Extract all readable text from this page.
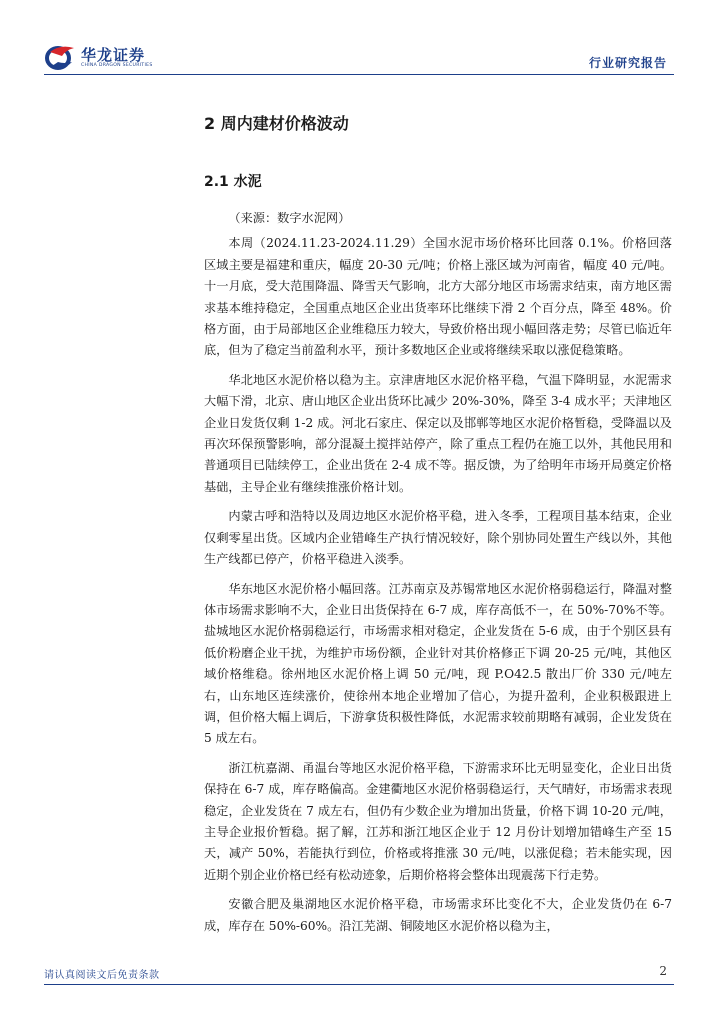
华龙证券
CHINA DRAGON SECURITIES	行业研究报告
2 周内建材价格波动
2.1 水泥

（来源：数字水泥网）

本周（2024.11.23-2024.11.29）全国水泥市场价格环比回落 0.1%。价格回落区域主要是福建和重庆，幅度 20-30 元/吨；价格上涨区域为河南省，幅度 40 元/吨。十一月底，受大范围降温、降雪天气影响，北方大部分地区市场需求结束，南方地区需求基本维持稳定，全国重点地区企业出货率环比继续下滑 2 个百分点，降至 48%。价格方面，由于局部地区企业维稳压力较大，导致价格出现小幅回落走势；尽管已临近年底，但为了稳定当前盈利水平，预计多数地区企业或将继续采取以涨促稳策略。

华北地区水泥价格以稳为主。京津唐地区水泥价格平稳，气温下降明显，水泥需求大幅下滑，北京、唐山地区企业出货环比减少 20%-30%，降至 3-4 成水平；天津地区企业日发货仅剩 1-2 成。河北石家庄、保定以及邯郸等地区水泥价格暂稳，受降温以及再次环保预警影响，部分混凝土搅拌站停产，除了重点工程仍在施工以外，其他民用和普通项目已陆续停工，企业出货在 2-4 成不等。据反馈，为了给明年市场开局奠定价格基础，主导企业有继续推涨价格计划。

内蒙古呼和浩特以及周边地区水泥价格平稳，进入冬季，工程项目基本结束，企业仅剩零星出货。区域内企业错峰生产执行情况较好，除个别协同处置生产线以外，其他生产线都已停产，价格平稳进入淡季。

华东地区水泥价格小幅回落。江苏南京及苏锡常地区水泥价格弱稳运行，降温对整体市场需求影响不大，企业日出货保持在 6-7 成，库存高低不一，在 50%-70%不等。盐城地区水泥价格弱稳运行，市场需求相对稳定，企业发货在 5-6 成，由于个别区县有低价粉磨企业干扰，为维护市场份额，企业针对其价格修正下调 20-25 元/吨，其他区域价格维稳。徐州地区水泥价格上调 50 元/吨，现 P.O42.5 散出厂价 330 元/吨左右，山东地区连续涨价，使徐州本地企业增加了信心，为提升盈利，企业积极跟进上调，但价格大幅上调后，下游拿货积极性降低，水泥需求较前期略有减弱，企业发货在 5 成左右。

浙江杭嘉湖、甬温台等地区水泥价格平稳，下游需求环比无明显变化，企业日出货保持在 6-7 成，库存略偏高。金建衢地区水泥价格弱稳运行，天气晴好，市场需求表现稳定，企业发货在 7 成左右，但仍有少数企业为增加出货量，价格下调 10-20 元/吨，主导企业报价暂稳。据了解，江苏和浙江地区企业于 12 月份计划增加错峰生产至 15 天，减产 50%，若能执行到位，价格或将推涨 30 元/吨，以涨促稳；若未能实现，因近期个别企业价格已经有松动迹象，后期价格将会整体出现震荡下行走势。

安徽合肥及巢湖地区水泥价格平稳，市场需求环比变化不大，企业发货仍在 6-7 成，库存在 50%-60%。沿江芜湖、铜陵地区水泥价格以稳为主，

请认真阅读文后免责条款	2
